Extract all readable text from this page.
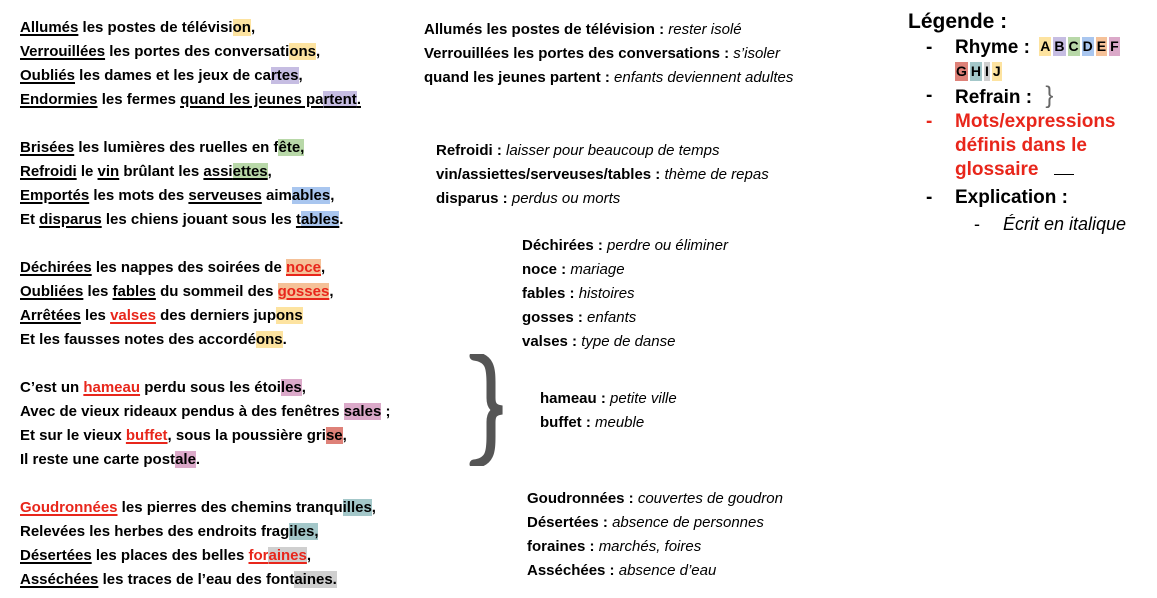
Allumés les postes de télévision,
Verrouillées les portes des conversations,
Oubliés les dames et les jeux de cartes,
Endormies les fermes quand les jeunes partent.
Brisées les lumières des ruelles en fête,
Refroidi le vin brûlant les assiettes,
Emportés les mots des serveuses aimables,
Et disparus les chiens jouant sous les tables.
Déchirées les nappes des soirées de noce,
Oubliées les fables du sommeil des gosses,
Arrêtées les valses des derniers jupons
Et les fausses notes des accordéons.
C’est un hameau perdu sous les étoiles,
Avec de vieux rideaux pendus à des fenêtres sales ;
Et sur le vieux buffet, sous la poussière grise,
Il reste une carte postale.
Goudronnées les pierres des chemins tranquilles,
Relevées les herbes des endroits fragiles,
Désertées les places des belles foraines,
Asséchées les traces de l’eau des fontaines.
Allumés les postes de télévision : rester isolé
Verrouillées les portes des conversations : s’isoler
quand les jeunes partent : enfants deviennent adultes
Refroidi : laisser pour beaucoup de temps
vin/assiettes/serveuses/tables : thème de repas
disparus : perdus ou morts
Déchirées : perdre ou éliminer
noce : mariage
fables : histoires
gosses : enfants
valses : type de danse
hameau : petite ville
buffet : meuble
Goudronnées : couvertes de goudron
Désertées : absence de personnes
foraines : marchés, foires
Asséchées : absence d’eau
Légende :
- Rhyme : A B C D E F
G H I J
- Refrain : }
- Mots/expressions définis dans le glossaire
- Explication :
- Écrit en italique
